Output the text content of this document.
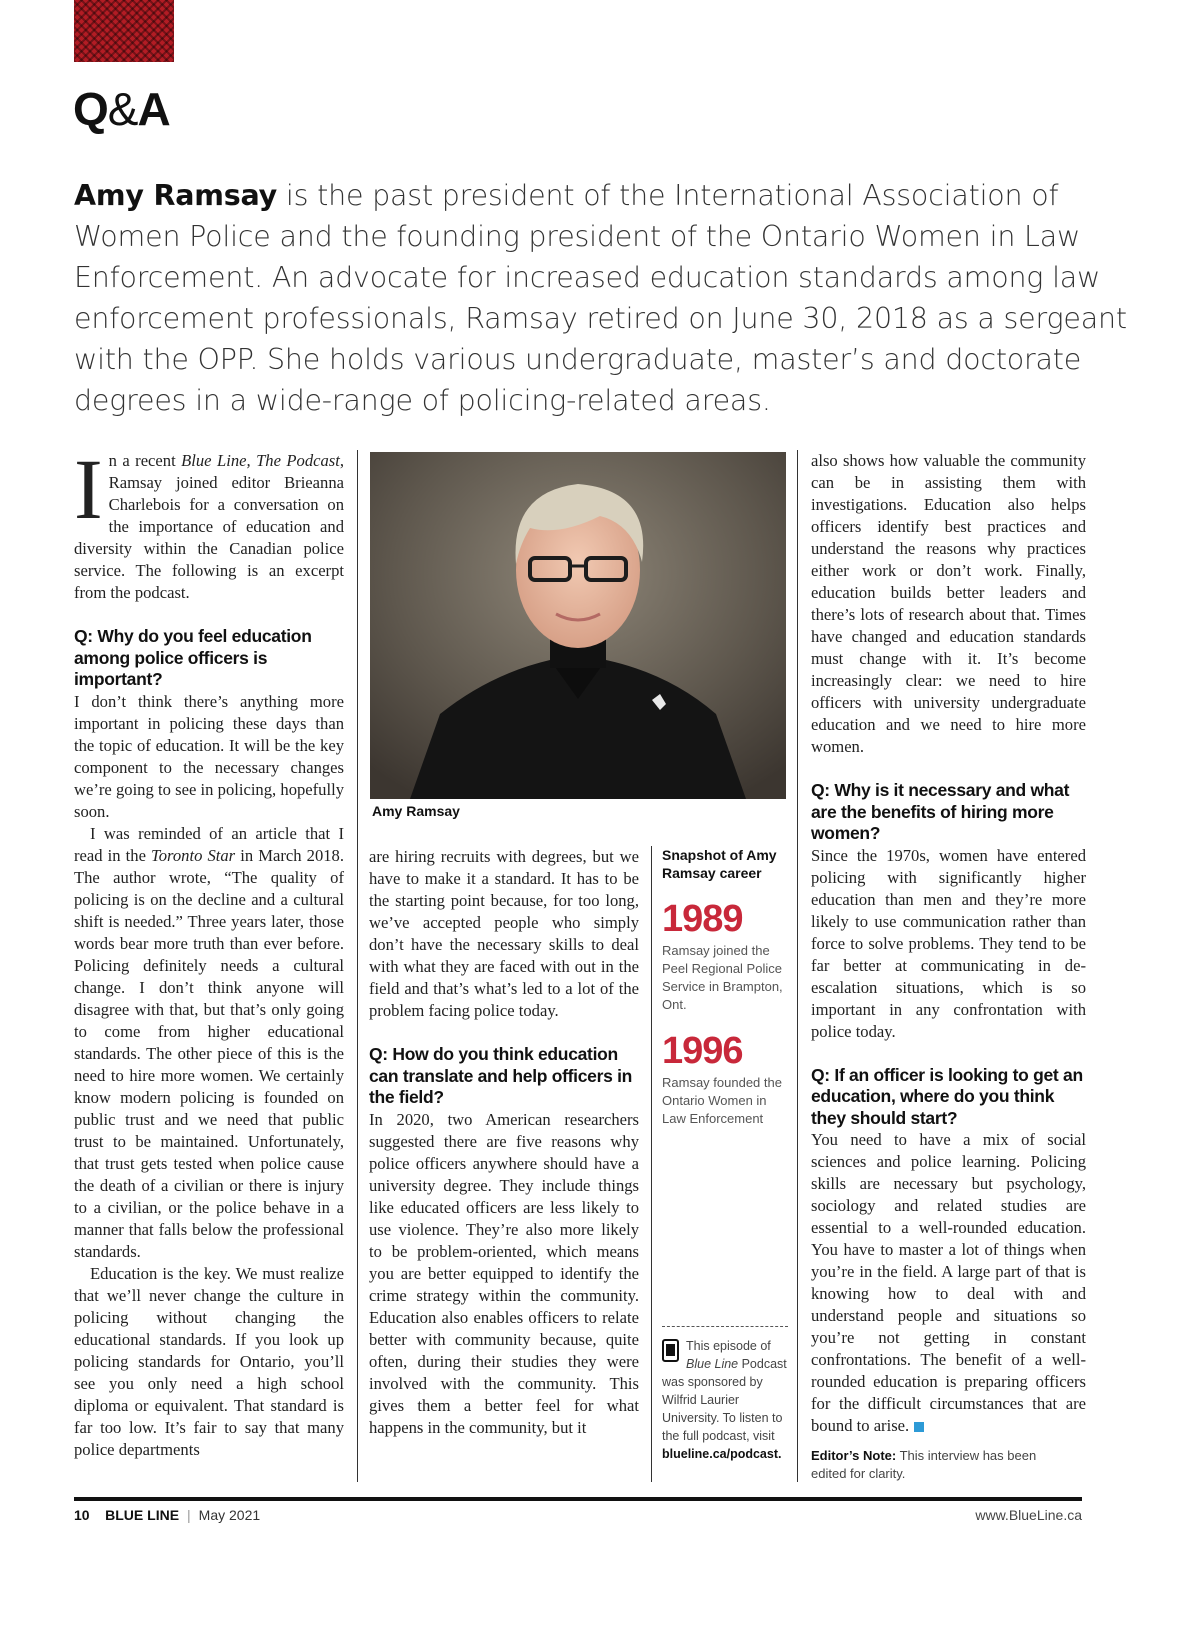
Q&A

Amy Ramsay is the past president of the International Association of Women Police and the founding president of the Ontario Women in Law Enforcement. An advocate for increased education standards among law enforcement professionals, Ramsay retired on June 30, 2018 as a sergeant with the OPP. She holds various undergraduate, master’s and doctorate degrees in a wide-range of policing-related areas.

In a recent Blue Line, The Podcast, Ramsay joined editor Brieanna Charlebois for a conversation on the importance of education and diversity within the Canadian police service. The following is an excerpt from the podcast.

Q: Why do you feel education among police officers is important?

I don’t think there’s anything more important in policing these days than the topic of education. It will be the key component to the necessary changes we’re going to see in policing, hopefully soon.

I was reminded of an article that I read in the Toronto Star in March 2018. The author wrote, “The quality of policing is on the decline and a cultural shift is needed.” Three years later, those words bear more truth than ever before. Policing definitely needs a cultural change. I don’t think anyone will disagree with that, but that’s only going to come from higher educational standards. The other piece of this is the need to hire more women. We certainly know modern policing is founded on public trust and we need that public trust to be maintained. Unfortunately, that trust gets tested when police cause the death of a civilian or there is injury to a civilian, or the police behave in a manner that falls below the professional standards.

Education is the key. We must realize that we’ll never change the culture in policing without changing the educational standards. If you look up policing standards for Ontario, you’ll see you only need a high school diploma or equivalent. That standard is far too low. It’s fair to say that many police departments

Amy Ramsay

are hiring recruits with degrees, but we have to make it a standard. It has to be the starting point because, for too long, we’ve accepted people who simply don’t have the necessary skills to deal with what they are faced with out in the field and that’s what’s led to a lot of the problem facing police today.

Q: How do you think education can translate and help officers in the field?

In 2020, two American researchers suggested there are five reasons why police officers anywhere should have a university degree. They include things like educated officers are less likely to use violence. They’re also more likely to be problem-oriented, which means you are better equipped to identify the crime strategy within the community. Education also enables officers to relate better with community because, quite often, during their studies they were involved with the community. This gives them a better feel for what happens in the community, but it

Snapshot of Amy Ramsay career

1989

Ramsay joined the Peel Regional Police Service in Brampton, Ont.

1996

Ramsay founded the Ontario Women in Law Enforcement

This episode of Blue Line Podcast was sponsored by Wilfrid Laurier University. To listen to the full podcast, visit blueline.ca/podcast.

also shows how valuable the community can be in assisting them with investigations. Education also helps officers identify best practices and understand the reasons why practices either work or don’t work. Finally, education builds better leaders and there’s lots of research about that. Times have changed and education standards must change with it. It’s become increasingly clear: we need to hire officers with university undergraduate education and we need to hire more women.

Q: Why is it necessary and what are the benefits of hiring more women?

Since the 1970s, women have entered policing with significantly higher education than men and they’re more likely to use communication rather than force to solve problems. They tend to be far better at communicating in de-escalation situations, which is so important in any confrontation with police today.

Q: If an officer is looking to get an education, where do you think they should start?

You need to have a mix of social sciences and police learning. Policing skills are necessary but psychology, sociology and related studies are essential to a well-rounded education. You have to master a lot of things when you’re in the field. A large part of that is knowing how to deal with and understand people and situations so you’re not getting in constant confrontations. The benefit of a well-rounded education is preparing officers for the difficult circumstances that are bound to arise.

Editor’s Note: This interview has been edited for clarity.
10 BLUE LINE | May 2021	www.BlueLine.ca
